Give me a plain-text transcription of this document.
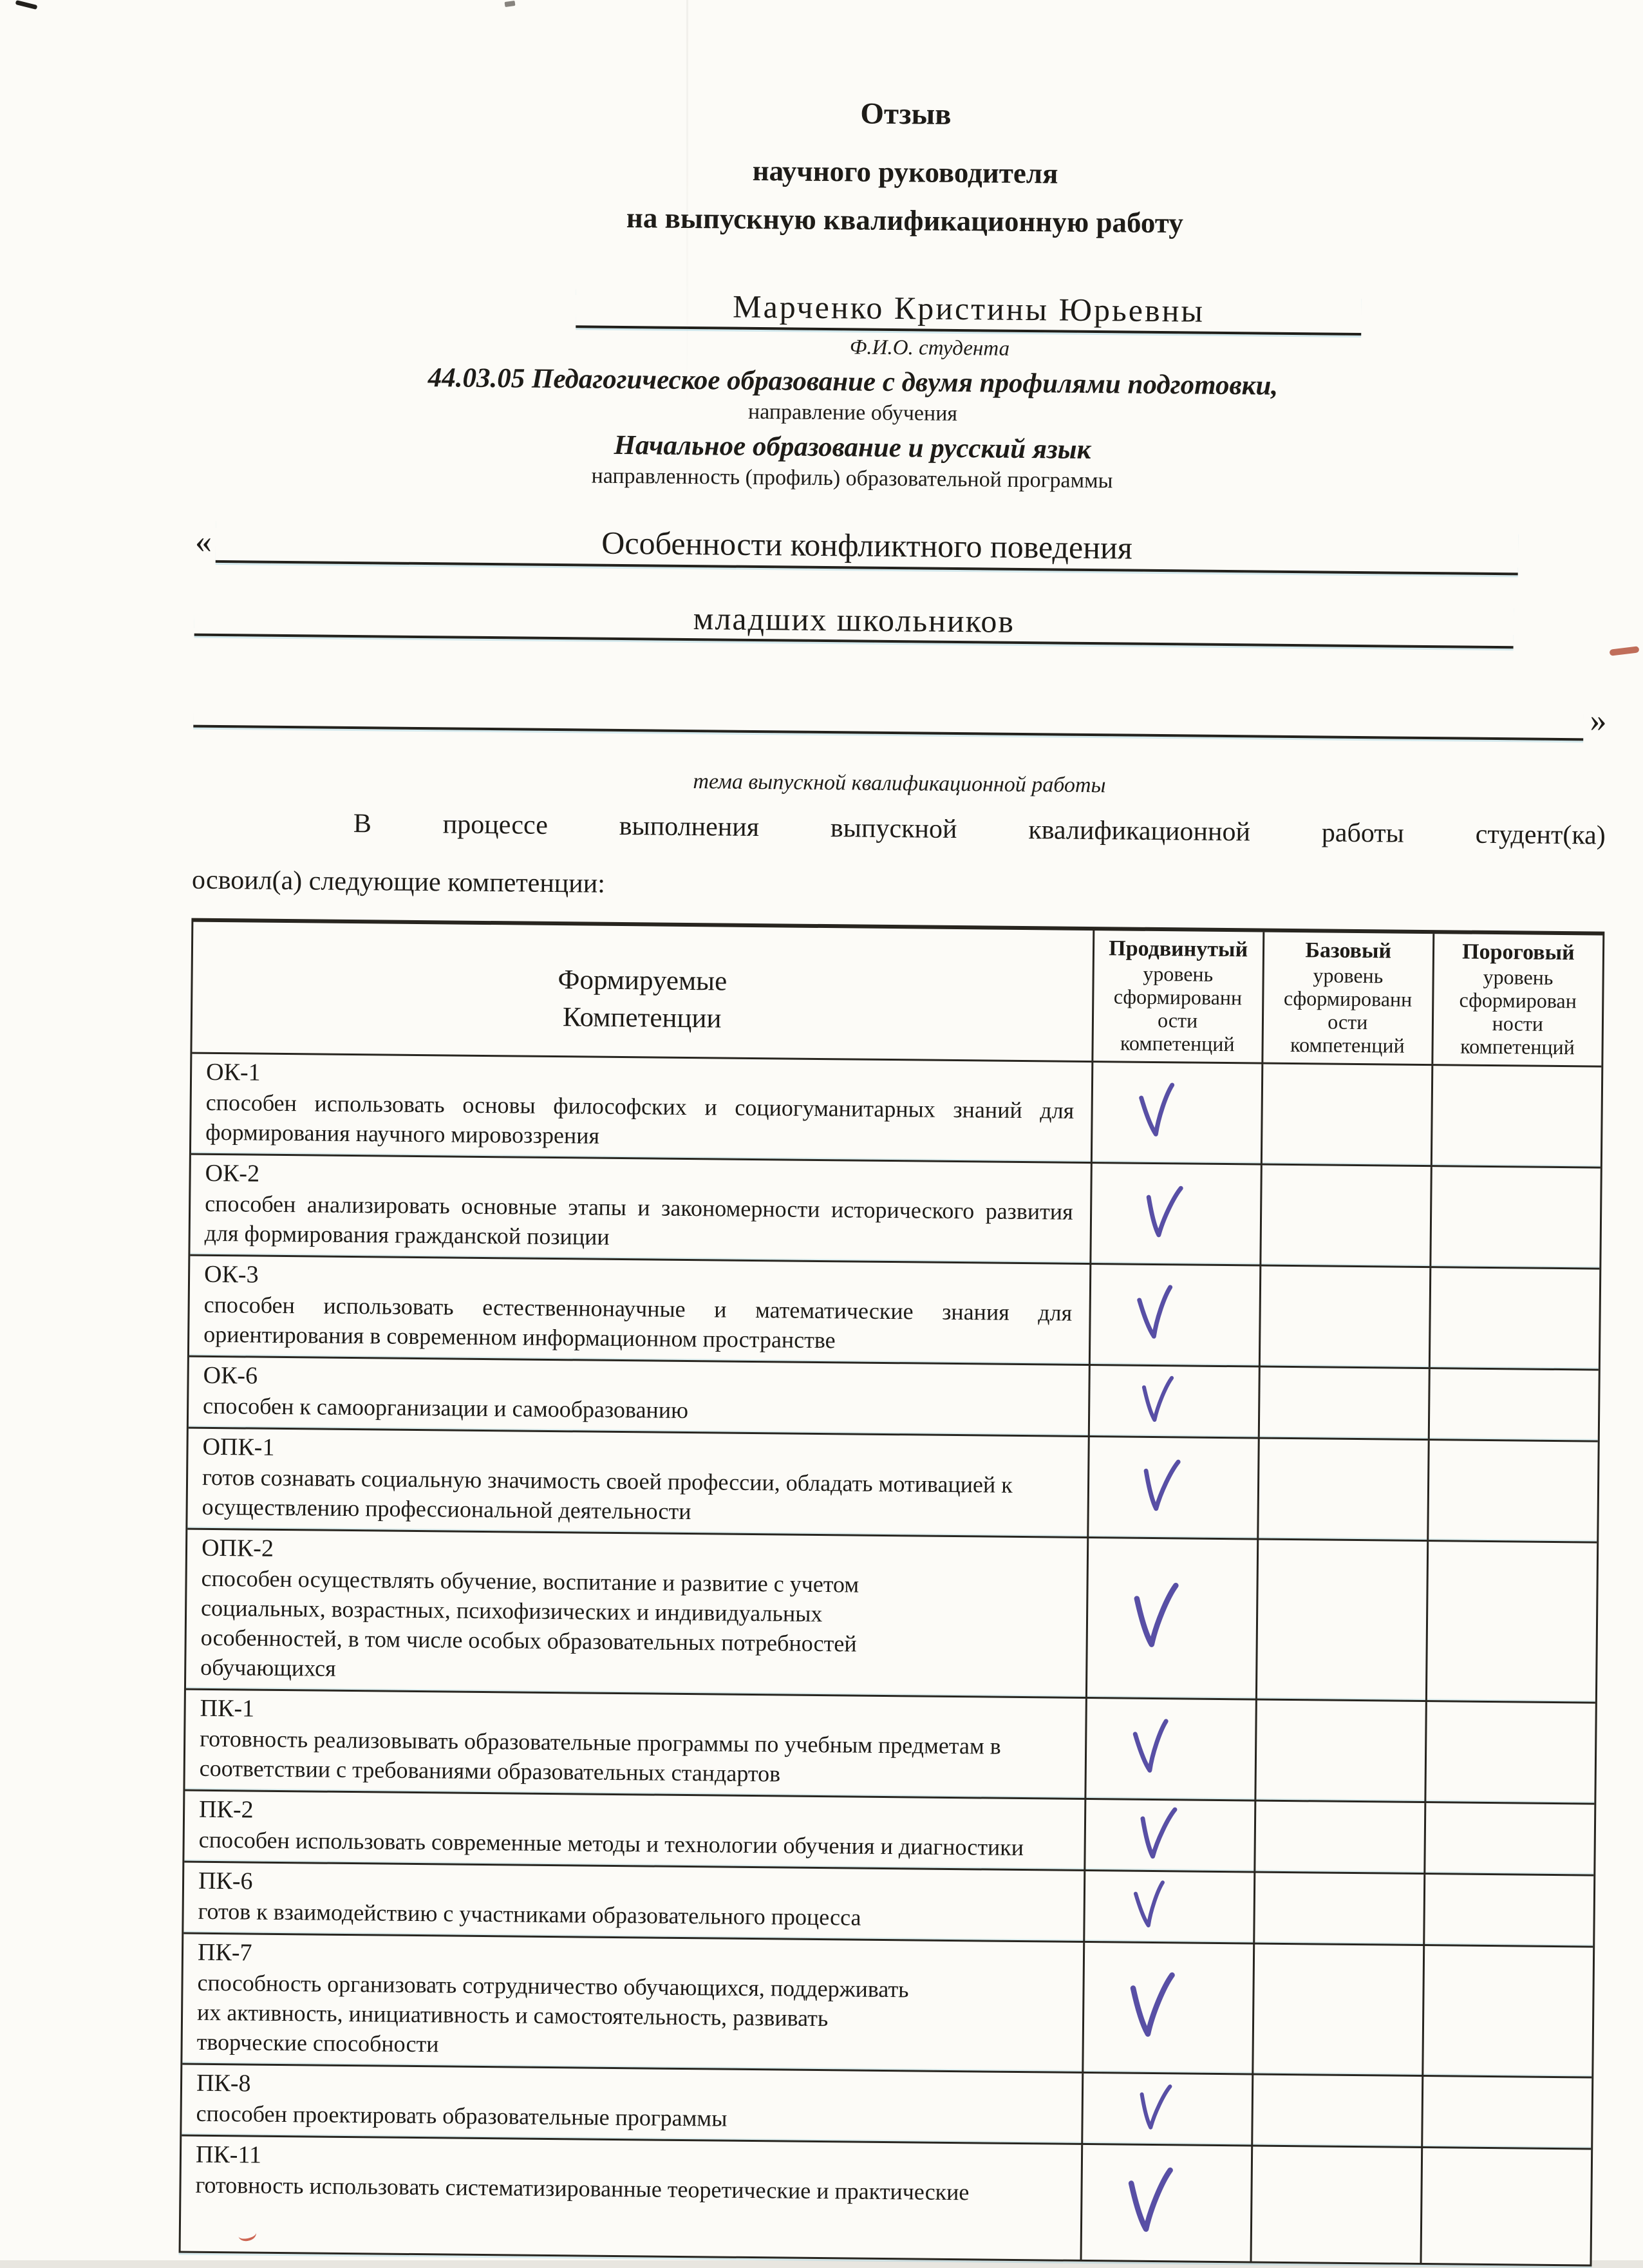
Отзыв
научного руководителя
на выпускную квалификационную работу
Марченко Кристины Юрьевны
Ф.И.О. студента
44.03.05 Педагогическое образование с двумя профилями подготовки,
направление обучения
Начальное образование и русский язык
направленность (профиль) образовательной программы
«	Особенности конфликтного поведения
младших школьников
»
тема выпускной квалификационной работы
В процессе выполнения выпускной квалификационной работы студент(ка)
освоил(а) следующие компетенции:
Формируемые
Компетенции
Продвинутый
уровень
сформированн
ости
компетенций
Базовый
уровень
сформированн
ости
компетенций
Пороговый
уровень
сформирован
ности
компетенций
ОК-1
способен использовать основы философских и социогуманитарных знаний для формирования научного мировоззрения
ОК-2
способен анализировать основные этапы и закономерности исторического развития для формирования гражданской позиции
ОК-3
способен использовать естественнонаучные и математические знания для ориентирования в современном информационном пространстве
ОК-6
способен к самоорганизации и самообразованию
ОПК-1
готов сознавать социальную значимость своей профессии, обладать мотивацией к осуществлению профессиональной деятельности
ОПК-2
способен осуществлять обучение, воспитание и развитие с учетом социальных, возрастных, психофизических и индивидуальных особенностей, в том числе особых образовательных потребностей обучающихся
ПК-1
готовность реализовывать образовательные программы по учебным предметам в соответствии с требованиями образовательных стандартов
ПК-2
способен использовать современные методы и технологии обучения и диагностики
ПК-6
готов к взаимодействию с участниками образовательного процесса
ПК-7
способность организовать сотрудничество обучающихся, поддерживать их активность, инициативность и самостоятельность, развивать творческие способности
ПК-8
способен проектировать образовательные программы
ПК-11
готовность использовать систематизированные теоретические и практические
